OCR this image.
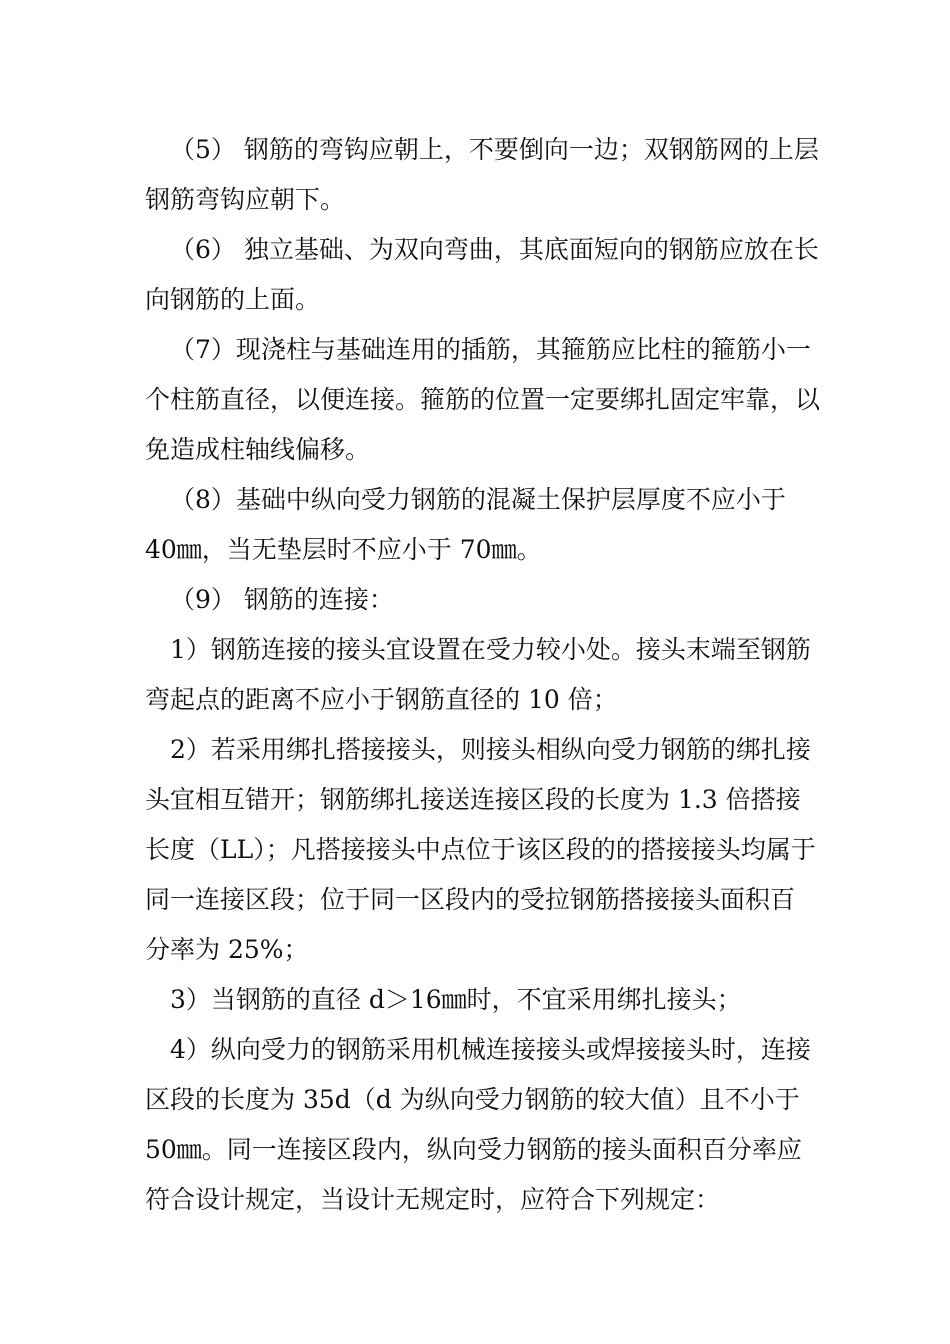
（5） 钢筋的弯钩应朝上，不要倒向一边；双钢筋网的上层

钢筋弯钩应朝下。

（6） 独立基础、为双向弯曲，其底面短向的钢筋应放在长

向钢筋的上面。

（7）现浇柱与基础连用的插筋，其箍筋应比柱的箍筋小一

个柱筋直径，以便连接。箍筋的位置一定要绑扎固定牢靠，以

免造成柱轴线偏移。

（8）基础中纵向受力钢筋的混凝土保护层厚度不应小于

40㎜，当无垫层时不应小于 70㎜。

（9） 钢筋的连接：

1）钢筋连接的接头宜设置在受力较小处。接头末端至钢筋

弯起点的距离不应小于钢筋直径的 10 倍；

2）若采用绑扎搭接接头，则接头相纵向受力钢筋的绑扎接

头宜相互错开；钢筋绑扎接送连接区段的长度为 1.3 倍搭接

长度（LL）；凡搭接接头中点位于该区段的的搭接接头均属于

同一连接区段；位于同一区段内的受拉钢筋搭接接头面积百

分率为 25%；

3）当钢筋的直径 d＞16㎜时，不宜采用绑扎接头；

4）纵向受力的钢筋采用机械连接接头或焊接接头时，连接

区段的长度为 35d（d 为纵向受力钢筋的较大值）且不小于

50㎜。同一连接区段内，纵向受力钢筋的接头面积百分率应

符合设计规定，当设计无规定时，应符合下列规定：
